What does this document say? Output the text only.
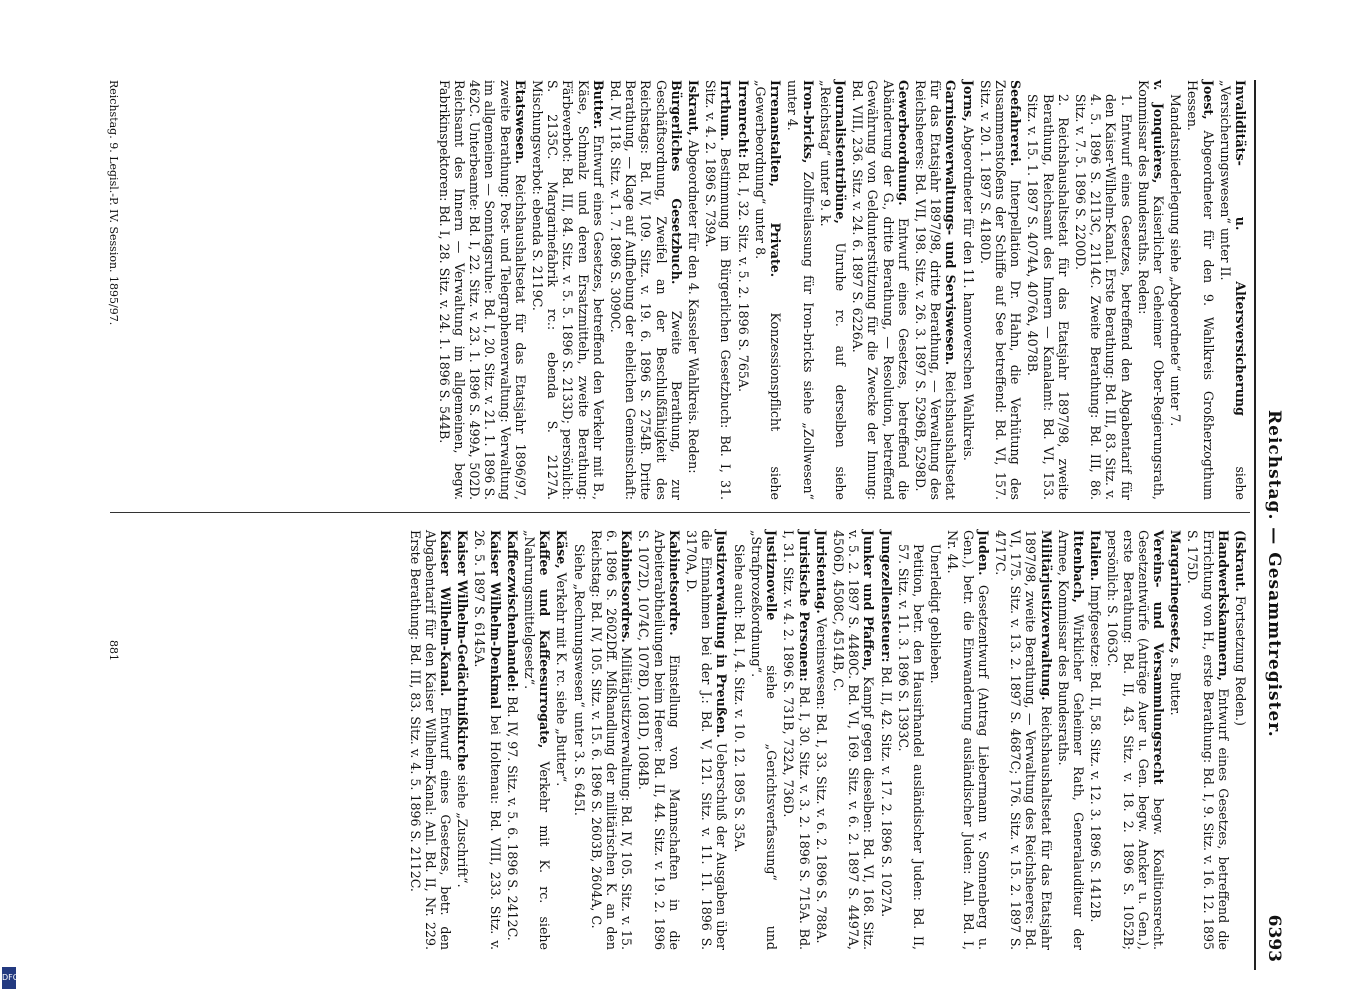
Reichstag. — Gesammtregister.
6393
Invaliditäts- u. Altersversicherung siehe „Versicherungswesen“ unter II.
Joest, Abgeordneter für den 9. Wahlkreis Großherzogthum Hessen.
Mandatsniederlegung siehe „Abgeordnete“ unter 7.
v. Jonquières, Kaiserlicher Geheimer Ober-Regierungsrath, Kommissar des Bundesraths. Reden:
1. Entwurf eines Gesetzes, betreffend den Abgabentarif für den Kaiser-Wilhelm-Kanal. Erste Berathung: Bd. III, 83. Sitz. v. 4. 5. 1896 S. 2113C, 2114C. Zweite Berathung: Bd. III, 86. Sitz. v. 7. 5. 1896 S. 2200D.
2. Reichshaushaltsetat für das Etatsjahr 1897/98, zweite Berathung, Reichsamt des Innern — Kanalamt: Bd. VI, 153. Sitz. v. 15. 1. 1897 S. 4074A, 4076A, 4078B.
Seefahrerei. Interpellation Dr. Hahn, die Verhütung des Zusammenstoßens der Schiffe auf See betreffend: Bd. VI, 157. Sitz. v. 20. 1. 1897 S. 4180D.
Jorns, Abgeordneter für den 11. hannoverschen Wahlkreis.
Garnisonverwaltungs- und Serviswesen. Reichshaushaltsetat für das Etatsjahr 1897/98, dritte Berathung, — Verwaltung des Reichsheeres: Bd. VII, 198. Sitz. v. 26. 3. 1897 S. 5296B, 5298D.
Gewerbeordnung. Entwurf eines Gesetzes, betreffend die Abänderung der G., dritte Berathung, — Resolution, betreffend Gewährung von Geldunterstützung für die Zwecke der Innung: Bd. VIII, 236. Sitz. v. 24. 6. 1897 S. 6226A.
Journalistentribüne, Unruhe rc. auf derselben siehe „Reichstag“ unter 9. k.
Iron-bricks, Zollfreilassung für Iron-bricks siehe „Zollwesen“ unter 4.
Irrenanstalten, Private. Konzessionspflicht siehe „Gewerbeordnung“ unter 8.
Irrenrecht: Bd. I, 32. Sitz. v. 5. 2. 1896 S. 765A.
Irrthum. Bestimmung im Bürgerlichen Gesetzbuch: Bd. I, 31. Sitz. v. 4. 2. 1896 S. 739A.
Iskraut, Abgeordneter für den 4. Kasseler Wahlkreis. Reden:
Bürgerliches Gesetzbuch. Zweite Berathung, zur Geschäftsordnung, Zweifel an der Beschlußfähigkeit des Reichstags: Bd. IV, 109. Sitz. v. 19. 6. 1896 S. 2754B. Dritte Berathung, — Klage auf Aufhebung der ehelichen Gemeinschaft: Bd. IV, 118. Sitz. v. 1. 7. 1896 S. 3090C.
Butter. Entwurf eines Gesetzes, betreffend den Verkehr mit B., Käse, Schmalz und deren Ersatzmitteln, zweite Berathung: Färbeverbot: Bd. III, 84. Sitz. v. 5. 5. 1896 S. 2133D; persönlich: S. 2135C. Margarinefabrik rc.: ebenda S. 2127A. Mischungsverbot: ebenda S. 2119C.
Etatswesen. Reichshaushaltsetat für das Etatsjahr 1896/97, zweite Berathung: Post- und Telegraphenverwaltung: Verwaltung im allgemeinen — Sonntagsruhe: Bd. I, 20. Sitz. v. 21. 1. 1896 S. 462C. Unterbeamte: Bd. I, 22. Sitz. v. 23. 1. 1896 S. 499A, 502D. Reichsamt des Innern — Verwaltung im allgemeinen, begw. Fabrikinspektoren: Bd. I, 28. Sitz. v. 24. 1. 1896 S. 544B.
(Iskraut. Fortsetzung Reden.)
Handwerkskammern, Entwurf eines Gesetzes, betreffend die Errichtung von H., erste Berathung: Bd. I, 9. Sitz. v. 16. 12. 1895 S. 175D.
Margarinegesetz, s. Butter.
Vereins- und Versammlungsrecht begw. Koalitionsrecht. Gesetzentwürfe (Anträge Auer u. Gen. begw. Ancker u. Gen.), erste Berathung: Bd. II, 43. Sitz. v. 18. 2. 1896 S. 1052B; persönlich: S. 1063C.
Italien. Impfgesetze: Bd. II, 58. Sitz. v. 12. 3. 1896 S. 1412B.
Ittenbach, Wirklicher Geheimer Rath, Generalauditeur der Armee, Kommissar des Bundesraths.
Militärjustizverwaltung. Reichshaushaltsetat für das Etatsjahr 1897/98, zweite Berathung, — Verwaltung des Reichsheeres: Bd. VI, 175. Sitz. v. 13. 2. 1897 S. 4687C; 176. Sitz. v. 15. 2. 1897 S. 4717C.
Juden. Gesetzentwurf (Antrag Liebermann v. Sonnenberg u. Gen.), betr. die Einwanderung ausländischer Juden: Anl. Bd. I, Nr. 44.
Unerledigt geblieben.
Petition, betr. den Hausirhandel ausländischer Juden: Bd. II, 57. Sitz. v. 11. 3. 1896 S. 1393C.
Jungezellensteuer: Bd. II, 42. Sitz. v. 17. 2. 1896 S. 1027A.
Junker und Pfaffen, Kampf gegen dieselben: Bd. VI, 168. Sitz. v. 5. 2. 1897 S. 4480C. Bd. VI, 169. Sitz. v. 6. 2. 1897 S. 4497A, 4506D, 4508C, 4514B, C.
Juristentag. Vereinswesen: Bd. I, 33. Sitz. v. 6. 2. 1896 S. 788A.
Juristische Personen: Bd. I, 30. Sitz. v. 3. 2. 1896 S. 715A. Bd. I, 31. Sitz. v. 4. 2. 1896 S. 731B, 732A, 736D.
Justiznovelle siehe „Gerichtsverfassung“ und „Strafprozeßordnung“.
Siehe auch: Bd. I, 4. Sitz. v. 10. 12. 1895 S. 35A.
Justizverwaltung in Preußen. Ueberschuß der Ausgaben über die Einnahmen bei der J.: Bd. V, 121. Sitz. v. 11. 11. 1896 S. 3170A, D.
Kabinetsordre. Einstellung von Mannschaften in die Arbeiterabtheilungen beim Heere: Bd. II, 44. Sitz. v. 19. 2. 1896 S. 1072D, 1074C, 1078D, 1081D, 1084B.
Kabinetsordres. Militärjustizverwaltung: Bd. IV, 105. Sitz. v. 15. 6. 1896 S. 2602Dff. Mißhandlung der militärischen K. an den Reichstag: Bd. IV, 105. Sitz. v. 15. 6. 1896 S. 2603B, 2604A, C.
Siehe „Rechnungswesen“ unter 3. S. 645I.
Käse, Verkehr mit K. rc. siehe „Butter“.
Kaffee und Kaffeesurrogate, Verkehr mit K. rc. siehe „Nahrungsmittelgesetz“.
Kaffeezwischenhandel: Bd. IV, 97. Sitz. v. 5. 6. 1896 S. 2412C.
Kaiser Wilhelm-Denkmal bei Holtenau: Bd. VIII, 233. Sitz. v. 26. 5. 1897 S. 6145A.
Kaiser Wilhelm-Gedächtnißkirche siehe „Zuschrift“.
Kaiser Wilhelm-Kanal. Entwurf eines Gesetzes, betr. den Abgabentarif für den Kaiser Wilhelm-Kanal: Anl. Bd. II, Nr. 229. Erste Berathung: Bd. III, 83. Sitz. v. 4. 5. 1896 S. 2112C.
Reichstag. 9. Legisl.-P. IV. Session. 1895/97.
881
DFG
